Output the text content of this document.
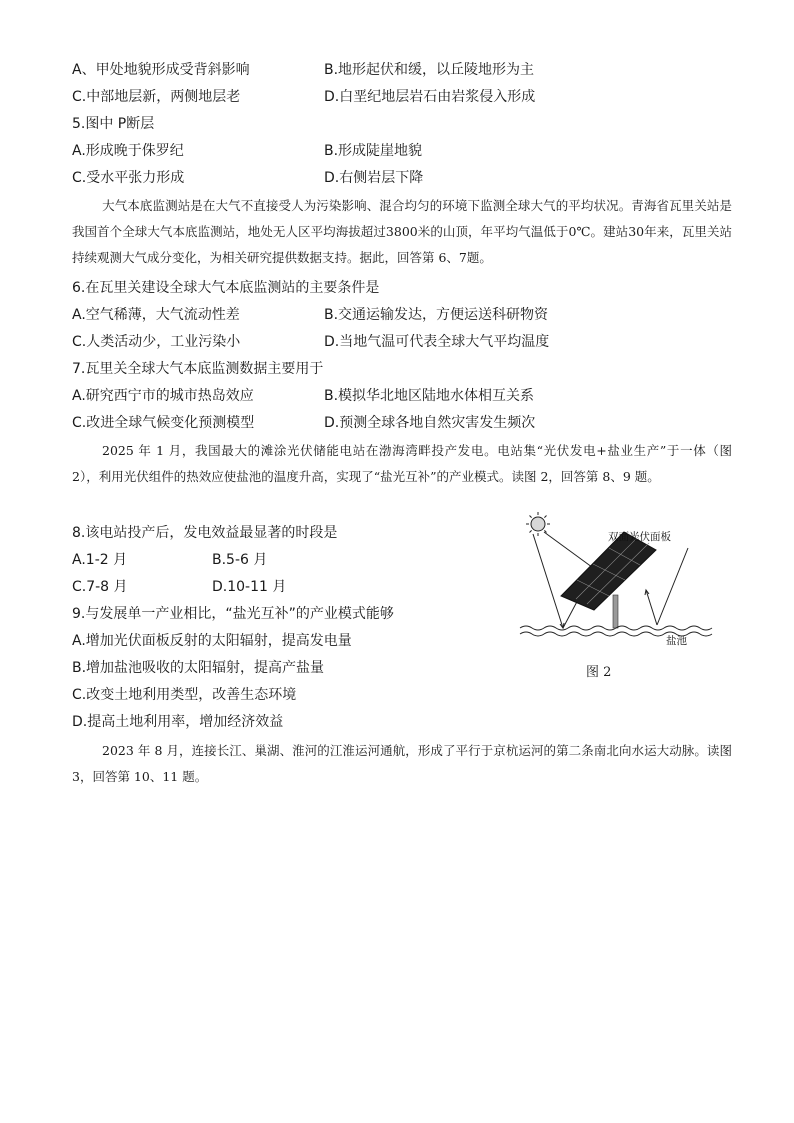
A、甲处地貌形成受背斜影响	B.地形起伏和缓，以丘陵地形为主
C.中部地层新，两侧地层老	D.白垩纪地层岩石由岩浆侵入形成
5.图中 P断层
A.形成晚于侏罗纪	B.形成陡崖地貌
C.受水平张力形成	D.右侧岩层下降
大气本底监测站是在大气不直接受人为污染影响、混合均匀的环境下监测全球大气的平均状况。青海省瓦里关站是我国首个全球大气本底监测站，地处无人区平均海拔超过3800米的山顶，年平均气温低于0℃。建站30年来，瓦里关站持续观测大气成分变化，为相关研究提供数据支持。据此，回答第 6、7题。
6.在瓦里关建设全球大气本底监测站的主要条件是
A.空气稀薄，大气流动性差	B.交通运输发达，方便运送科研物资
C.人类活动少，工业污染小	D.当地气温可代表全球大气平均温度
7.瓦里关全球大气本底监测数据主要用于
A.研究西宁市的城市热岛效应	B.模拟华北地区陆地水体相互关系
C.改进全球气候变化预测模型	D.预测全球各地自然灾害发生频次
2025 年 1 月，我国最大的滩涂光伏储能电站在渤海湾畔投产发电。电站集“光伏发电+盐业生产”于一体（图 2），利用光伏组件的热效应使盐池的温度升高，实现了“盐光互补”的产业模式。读图 2，回答第 8、9 题。
8.该电站投产后，发电效益最显著的时段是
A.1-2 月	B.5-6 月
C.7-8 月	D.10-11 月
9.与发展单一产业相比，“盐光互补”的产业模式能够
A.增加光伏面板反射的太阳辐射，提高发电量
B.增加盐池吸收的太阳辐射，提高产盐量
C.改变土地利用类型，改善生态环境
D.提高土地利用率，增加经济效益
2023 年 8 月，连接长江、巢湖、淮河的江淮运河通航，形成了平行于京杭运河的第二条南北向水运大动脉。读图 3，回答第 10、11 题。
双面光伏面板
盐池
图 2
